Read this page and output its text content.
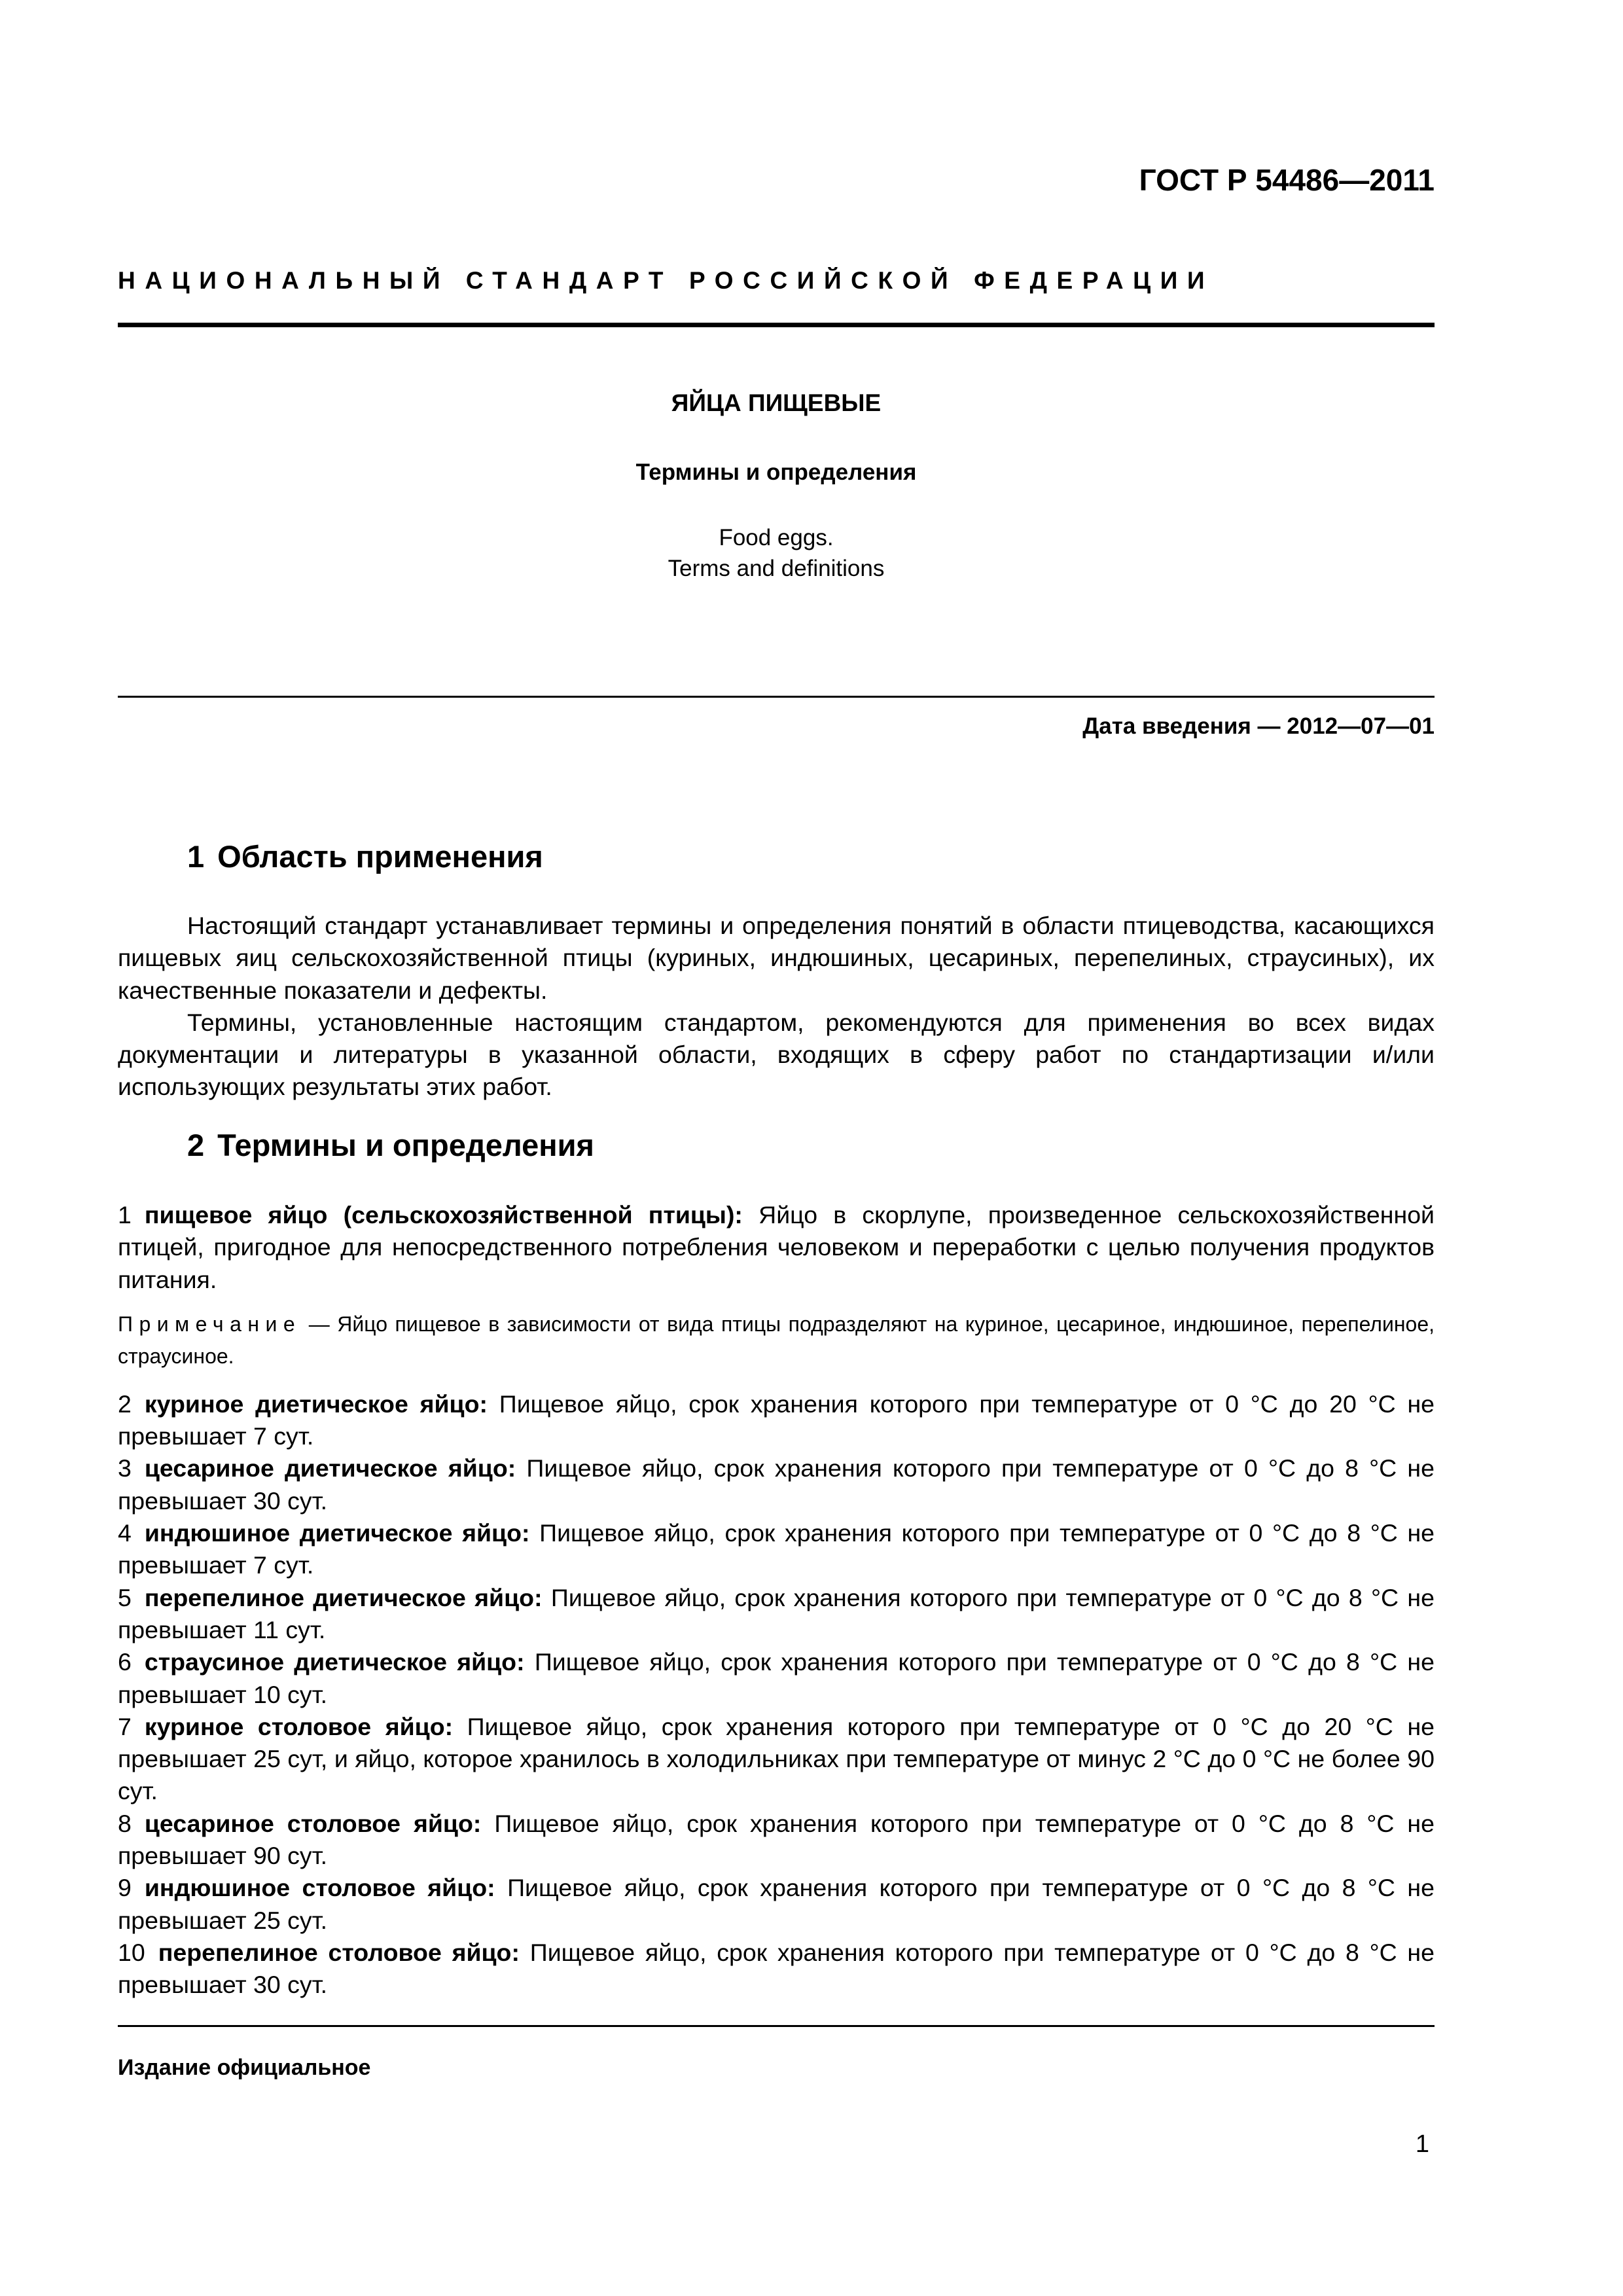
ГОСТ Р 54486—2011
НАЦИОНАЛЬНЫЙ СТАНДАРТ РОССИЙСКОЙ ФЕДЕРАЦИИ
ЯЙЦА ПИЩЕВЫЕ
Термины и определения
Food eggs.
Terms and definitions
Дата введения — 2012—07—01
1 Область применения

Настоящий стандарт устанавливает термины и определения понятий в области птицеводства, касающихся пищевых яиц сельскохозяйственной птицы (куриных, индюшиных, цесариных, перепелиных, страусиных), их качественные показатели и дефекты.

Термины, установленные настоящим стандартом, рекомендуются для применения во всех видах документации и литературы в указанной области, входящих в сферу работ по стандартизации и/или использующих результаты этих работ.

2 Термины и определения

1 пищевое яйцо (сельскохозяйственной птицы): Яйцо в скорлупе, произведенное сельскохозяйственной птицей, пригодное для непосредственного потребления человеком и переработки с целью получения продуктов питания.

Примечание — Яйцо пищевое в зависимости от вида птицы подразделяют на куриное, цесариное, индюшиное, перепелиное, страусиное.

2 куриное диетическое яйцо: Пищевое яйцо, срок хранения которого при температуре от 0 °С до 20 °С не превышает 7 сут.

3 цесариное диетическое яйцо: Пищевое яйцо, срок хранения которого при температуре от 0 °С до 8 °С не превышает 30 сут.

4 индюшиное диетическое яйцо: Пищевое яйцо, срок хранения которого при температуре от 0 °С до 8 °С не превышает 7 сут.

5 перепелиное диетическое яйцо: Пищевое яйцо, срок хранения которого при температуре от 0 °С до 8 °С не превышает 11 сут.

6 страусиное диетическое яйцо: Пищевое яйцо, срок хранения которого при температуре от 0 °С до 8 °С не превышает 10 сут.

7 куриное столовое яйцо: Пищевое яйцо, срок хранения которого при температуре от 0 °С до 20 °С не превышает 25 сут, и яйцо, которое хранилось в холодильниках при температуре от минус 2 °С до 0 °С не более 90 сут.

8 цесариное столовое яйцо: Пищевое яйцо, срок хранения которого при температуре от 0 °С до 8 °С не превышает 90 сут.

9 индюшиное столовое яйцо: Пищевое яйцо, срок хранения которого при температуре от 0 °С до 8 °С не превышает 25 сут.

10 перепелиное столовое яйцо: Пищевое яйцо, срок хранения которого при температуре от 0 °С до 8 °С не превышает 30 сут.

Издание официальное
1
